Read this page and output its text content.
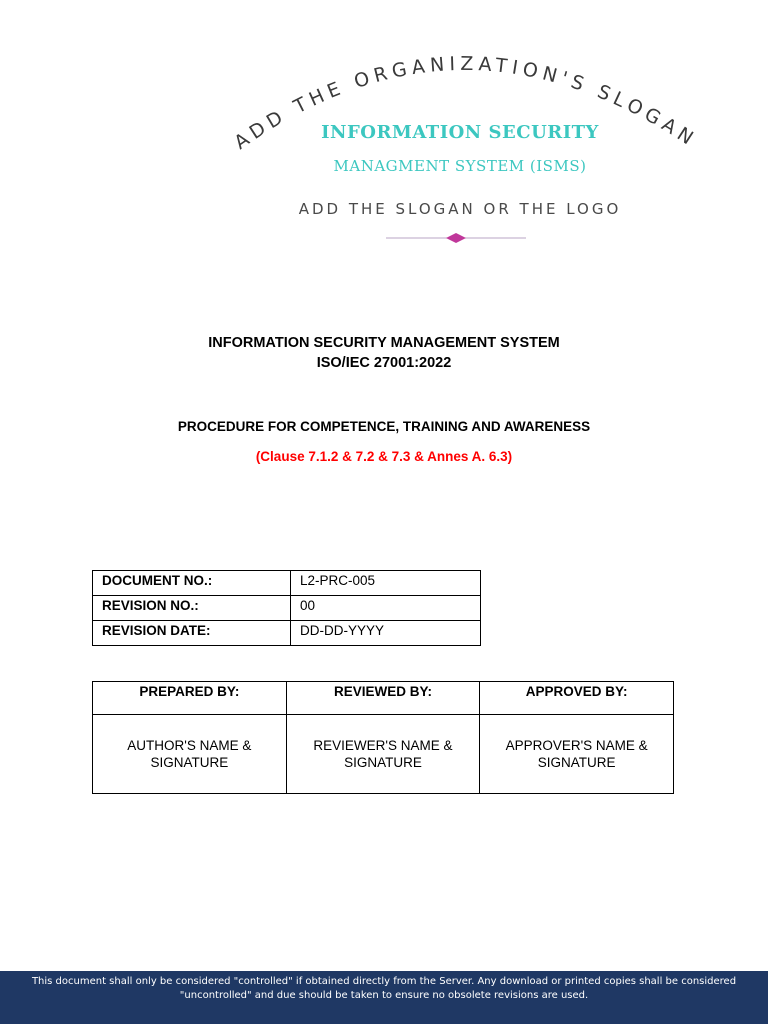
ADD THE ORGANIZATION'S SLOGAN
INFORMATION SECURITY
MANAGMENT SYSTEM (ISMS)
ADD THE SLOGAN OR THE LOGO
INFORMATION SECURITY MANAGEMENT SYSTEM
ISO/IEC 27001:2022
PROCEDURE FOR COMPETENCE, TRAINING AND AWARENESS
(Clause 7.1.2 & 7.2 & 7.3 & Annes A. 6.3)
DOCUMENT NO.:	L2-PRC-005
REVISION NO.:	00
REVISION DATE:	DD-DD-YYYY
PREPARED BY:	REVIEWED BY:	APPROVED BY:
AUTHOR'S NAME & SIGNATURE	REVIEWER'S NAME & SIGNATURE	APPROVER'S NAME & SIGNATURE
This document shall only be considered "controlled" if obtained directly from the Server. Any download or printed copies shall be considered "uncontrolled" and due should be taken to ensure no obsolete revisions are used.
